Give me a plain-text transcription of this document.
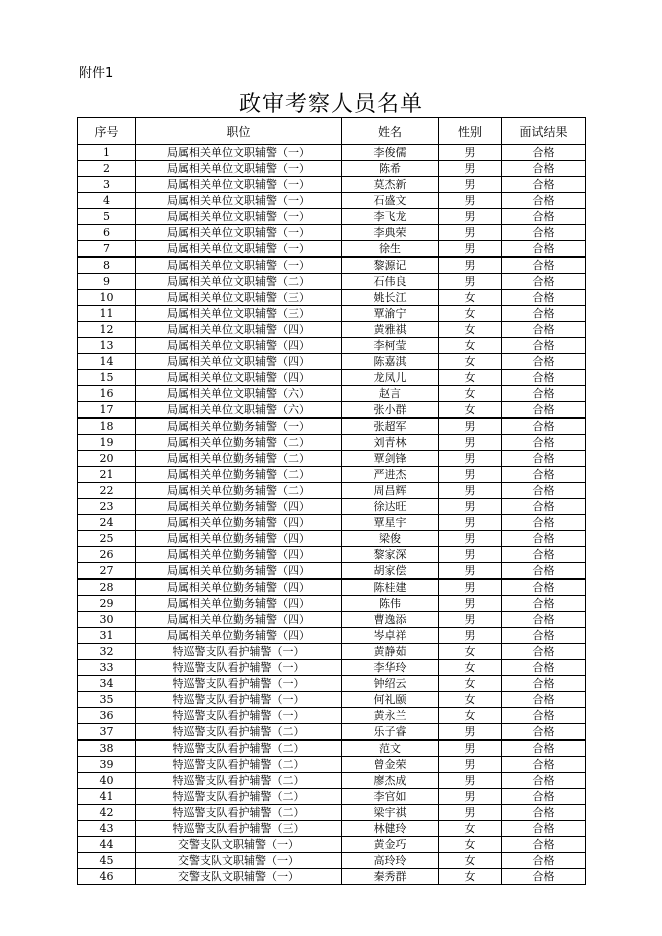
附件1
政审考察人员名单
序号	职位	姓名	性别	面试结果
1	局属相关单位文职辅警（一）	李俊儒	男	合格
2	局属相关单位文职辅警（一）	陈希	男	合格
3	局属相关单位文职辅警（一）	莫杰新	男	合格
4	局属相关单位文职辅警（一）	石盛文	男	合格
5	局属相关单位文职辅警（一）	李飞龙	男	合格
6	局属相关单位文职辅警（一）	李典荣	男	合格
7	局属相关单位文职辅警（一）	徐生	男	合格
8	局属相关单位文职辅警（一）	黎源记	男	合格
9	局属相关单位文职辅警（二）	石伟良	男	合格
10	局属相关单位文职辅警（三）	姚长江	女	合格
11	局属相关单位文职辅警（三）	覃渝宁	女	合格
12	局属相关单位文职辅警（四）	黄雅祺	女	合格
13	局属相关单位文职辅警（四）	李柯莹	女	合格
14	局属相关单位文职辅警（四）	陈嘉淇	女	合格
15	局属相关单位文职辅警（四）	龙凤儿	女	合格
16	局属相关单位文职辅警（六）	赵言	女	合格
17	局属相关单位文职辅警（六）	张小群	女	合格
18	局属相关单位勤务辅警（一）	张超军	男	合格
19	局属相关单位勤务辅警（二）	刘青林	男	合格
20	局属相关单位勤务辅警（二）	覃剑锋	男	合格
21	局属相关单位勤务辅警（二）	严进杰	男	合格
22	局属相关单位勤务辅警（二）	周昌辉	男	合格
23	局属相关单位勤务辅警（四）	徐达旺	男	合格
24	局属相关单位勤务辅警（四）	覃星宇	男	合格
25	局属相关单位勤务辅警（四）	梁俊	男	合格
26	局属相关单位勤务辅警（四）	黎家深	男	合格
27	局属相关单位勤务辅警（四）	胡家偿	男	合格
28	局属相关单位勤务辅警（四）	陈桂建	男	合格
29	局属相关单位勤务辅警（四）	陈伟	男	合格
30	局属相关单位勤务辅警（四）	曹逸添	男	合格
31	局属相关单位勤务辅警（四）	岑卓祥	男	合格
32	特巡警支队看护辅警（一）	黄静茹	女	合格
33	特巡警支队看护辅警（一）	李华玲	女	合格
34	特巡警支队看护辅警（一）	钟绍云	女	合格
35	特巡警支队看护辅警（一）	何礼颐	女	合格
36	特巡警支队看护辅警（一）	黄永兰	女	合格
37	特巡警支队看护辅警（二）	乐子睿	男	合格
38	特巡警支队看护辅警（二）	范文	男	合格
39	特巡警支队看护辅警（二）	曾金荣	男	合格
40	特巡警支队看护辅警（二）	廖杰成	男	合格
41	特巡警支队看护辅警（二）	李官如	男	合格
42	特巡警支队看护辅警（二）	梁宇祺	男	合格
43	特巡警支队看护辅警（三）	林健玲	女	合格
44	交警支队文职辅警（一）	黄金巧	女	合格
45	交警支队文职辅警（一）	高玲玲	女	合格
46	交警支队文职辅警（一）	秦秀群	女	合格
